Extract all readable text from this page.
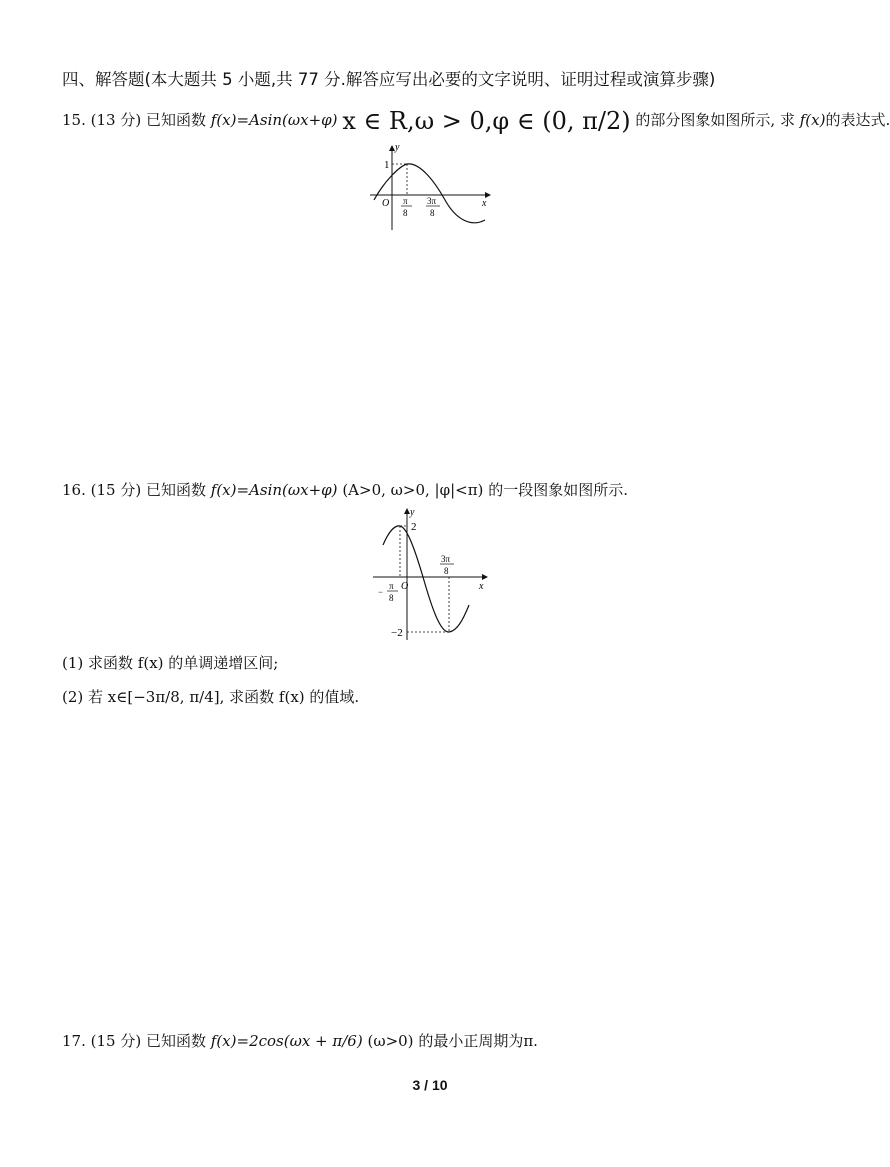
四、解答题(本大题共 5 小题,共 77 分.解答应写出必要的文字说明、证明过程或演算步骤)
15. (13 分) 已知函数 f(x)=Asin(ωx+φ) x ∈ R,ω > 0,φ ∈ (0, π/2) 的部分图象如图所示, 求 f(x)的表达式.
y
x
1
O π
8
3π
8
16. (15 分) 已知函数 f(x)=Asin(ωx+φ) (A>0, ω>0, |φ|<π) 的一段图象如图所示.
y
x
2
−2
O
−
π
8
3π
8
(1) 求函数 f(x) 的单调递增区间;
(2) 若 x∈[−3π/8, π/4], 求函数 f(x) 的值域.
17. (15 分) 已知函数 f(x)=2cos(ωx + π/6) (ω>0) 的最小正周期为π.
3 / 10
